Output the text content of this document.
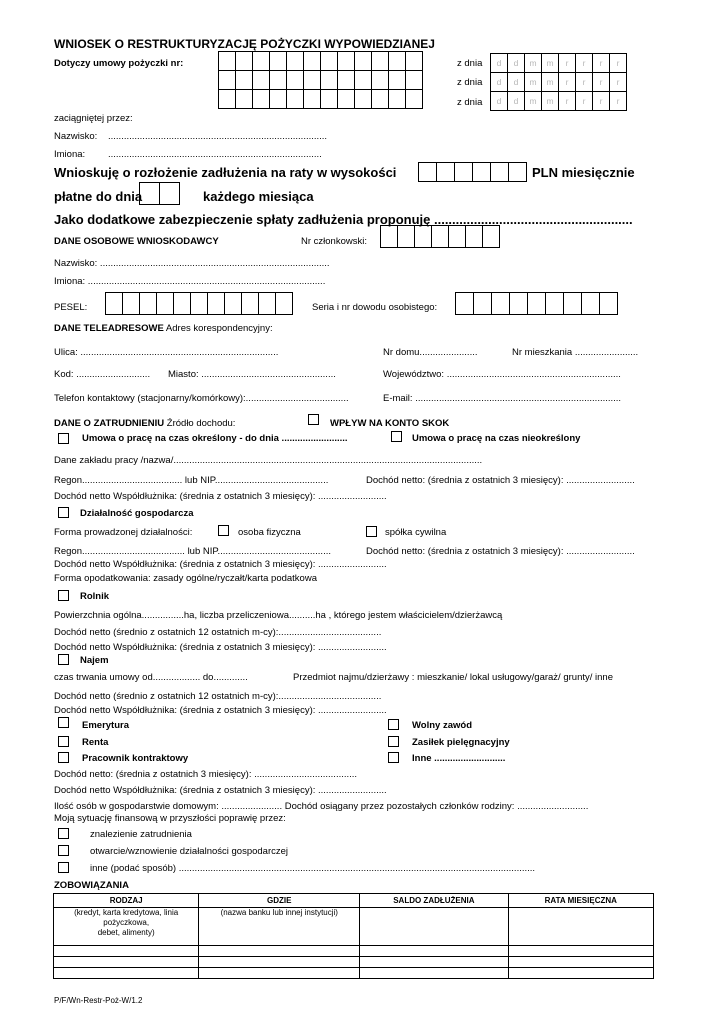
WNIOSEK O RESTRUKTURYZACJĘ POŻYCZKI WYPOWIEDZIANEJ
Dotyczy umowy pożyczki nr:

												z dnia
z dnia
z dnia
d	d	m	m	r	r	r	r
d	d	m	m	r	r	r	r
d	d	m	m	r	r	r	r
zaciągniętej przez:
Nazwisko: ...................................................................................
Imiona: .................................................................................
Wnioskuję o rozłożenie zadłużenia na raty w wysokości
						PLN miesięcznie
płatne do dnia
		każdego miesiąca
Jako dodatkowe zabezpieczenie spłaty zadłużenia proponuję .......................................................
DANE OSOBOWE WNIOSKODAWCY	Nr członkowski:

Nazwisko: .......................................................................................
Imiona: ..........................................................................................
PESEL:
											Seria i nr dowodu osobistego:

DANE TELEADRESOWE Adres korespondencyjny:
Ulica: ...........................................................................	Nr domu......................	Nr mieszkania ........................
Kod: ............................ Miasto: ...................................................	Województwo: ..................................................................
Telefon kontaktowy (stacjonarny/komórkowy):.......................................	E-mail: ..............................................................................
DANE O ZATRUDNIENIU Źródło dochodu:	WPŁYW NA KONTO SKOK
Umowa o pracę na czas określony - do dnia .........................	Umowa o pracę na czas nieokreślony
Dane zakładu pracy /nazwa/.....................................................................................................................
Regon...................................... lub NIP...........................................	Dochód netto: (średnia z ostatnich 3 miesięcy): ..........................
Dochód netto Współdłużnika: (średnia z ostatnich 3 miesięcy): ..........................
Działalność gospodarcza
Forma prowadzonej działalności:	osoba fizyczna	spółka cywilna
Regon....................................... lub NIP...........................................	Dochód netto: (średnia z ostatnich 3 miesięcy): ..........................
Dochód netto Współdłużnika: (średnia z ostatnich 3 miesięcy): ..........................
Forma opodatkowania: zasady ogólne/ryczałt/karta podatkowa
Rolnik
Powierzchnia ogólna................ha, liczba przeliczeniowa..........ha , którego jestem właścicielem/dzierżawcą
Dochód netto (średnio z ostatnich 12 ostatnich m-cy):.......................................
Dochód netto Współdłużnika: (średnia z ostatnich 3 miesięcy): ..........................
Najem
czas trwania umowy od.................. do.............	Przedmiot najmu/dzierżawy : mieszkanie/ lokal usługowy/garaż/ grunty/ inne
Dochód netto (średnio z ostatnich 12 ostatnich m-cy):.......................................
Dochód netto Współdłużnika: (średnia z ostatnich 3 miesięcy): ..........................
Emerytura	Wolny zawód
Renta	Zasiłek pielęgnacyjny
Pracownik kontraktowy	Inne ...........................
Dochód netto: (średnia z ostatnich 3 miesięcy): .......................................
Dochód netto Współdłużnika: (średnia z ostatnich 3 miesięcy): ..........................
Ilość osób w gospodarstwie domowym: ....................... Dochód osiągany przez pozostałych członków rodziny: ...........................
Moją sytuację finansową w przyszłości poprawię przez:
znalezienie zatrudnienia
otwarcie/wznowienie działalności gospodarczej
inne (podać sposób) .......................................................................................................................................
ZOBOWIĄZANIA
RODZAJ	GDZIE	SALDO ZADŁUŻENIA	RATA MIESIĘCZNA
(kredyt, karta kredytowa, linia pożyczkowa,
debet, alimenty)	(nazwa banku lub innej instytucji)		

P/F/Wn-Restr-Poż-W/1.2
